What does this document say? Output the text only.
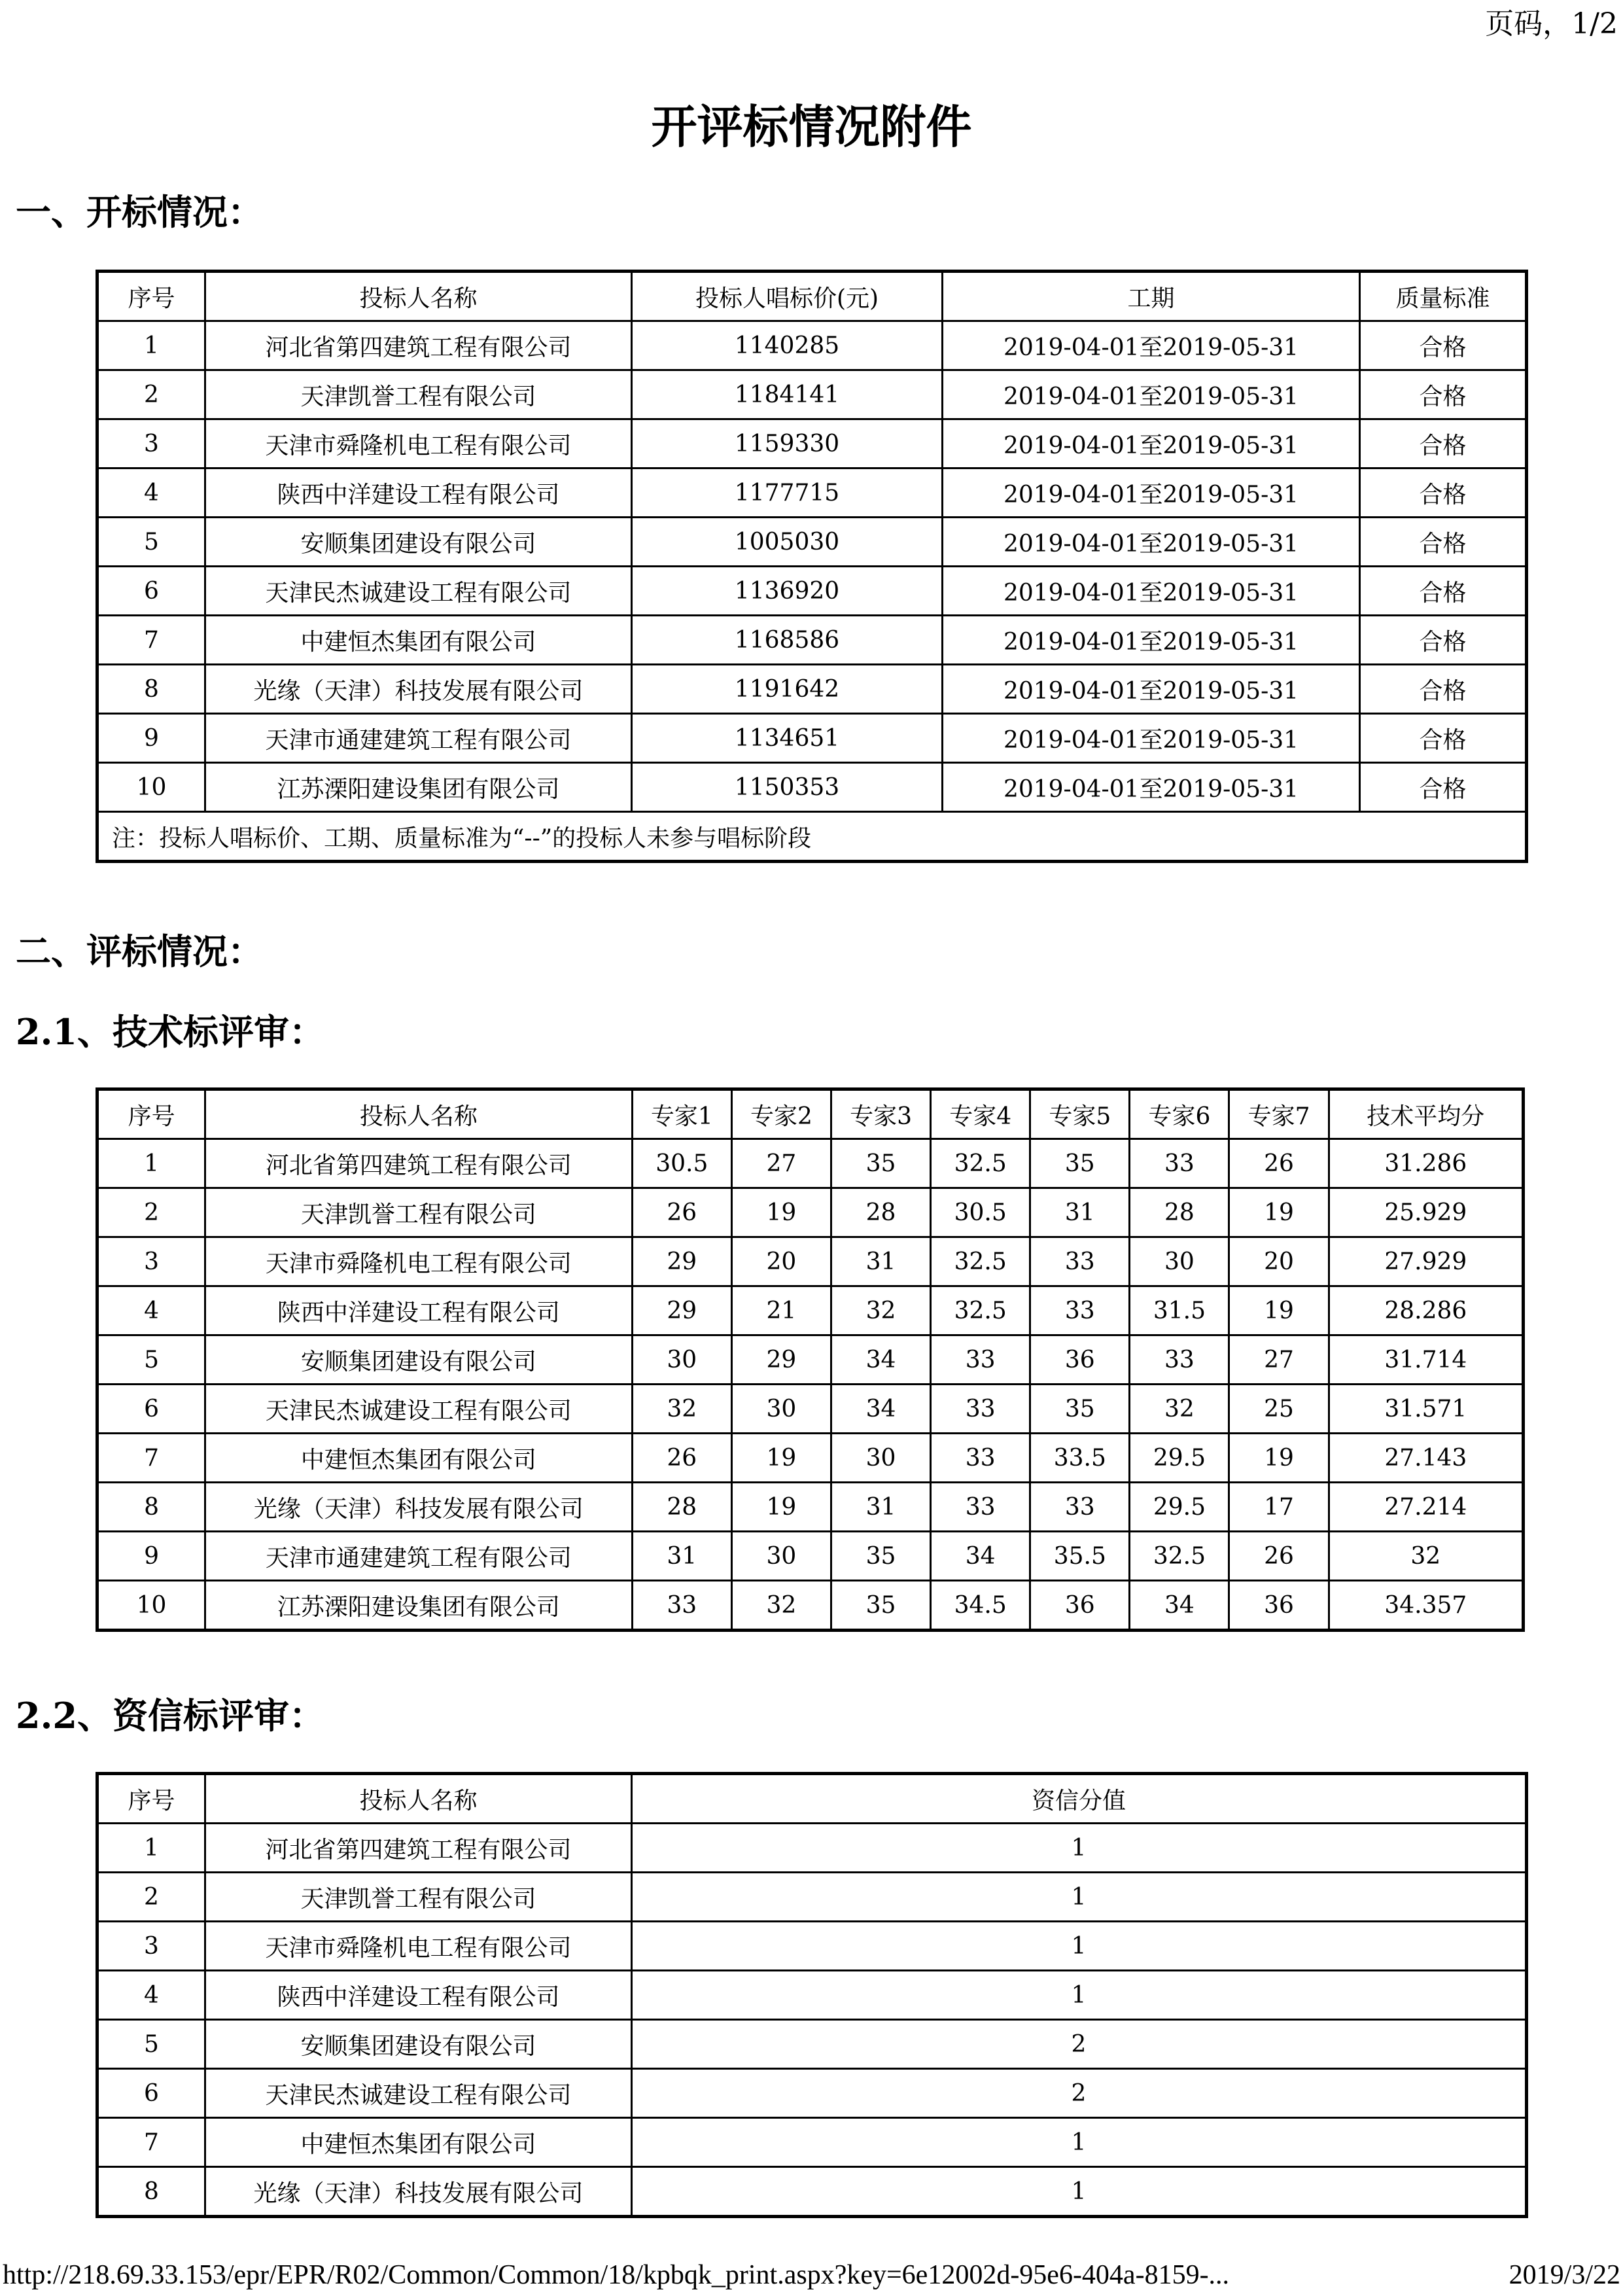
页码，1/2
开评标情况附件
一、开标情况：
序号	投标人名称	投标人唱标价(元)	工期	质量标准
1	河北省第四建筑工程有限公司	1140285	2019-04-01至2019-05-31	合格
2	天津凯誉工程有限公司	1184141	2019-04-01至2019-05-31	合格
3	天津市舜隆机电工程有限公司	1159330	2019-04-01至2019-05-31	合格
4	陕西中洋建设工程有限公司	1177715	2019-04-01至2019-05-31	合格
5	安顺集团建设有限公司	1005030	2019-04-01至2019-05-31	合格
6	天津民杰诚建设工程有限公司	1136920	2019-04-01至2019-05-31	合格
7	中建恒杰集团有限公司	1168586	2019-04-01至2019-05-31	合格
8	光缘（天津）科技发展有限公司	1191642	2019-04-01至2019-05-31	合格
9	天津市通建建筑工程有限公司	1134651	2019-04-01至2019-05-31	合格
10	江苏溧阳建设集团有限公司	1150353	2019-04-01至2019-05-31	合格
注：投标人唱标价、工期、质量标准为“--”的投标人未参与唱标阶段				
二、评标情况：
2.1、技术标评审：
序号	投标人名称	专家1	专家2	专家3	专家4	专家5	专家6	专家7	技术平均分
1	河北省第四建筑工程有限公司	30.5	27	35	32.5	35	33	26	31.286
2	天津凯誉工程有限公司	26	19	28	30.5	31	28	19	25.929
3	天津市舜隆机电工程有限公司	29	20	31	32.5	33	30	20	27.929
4	陕西中洋建设工程有限公司	29	21	32	32.5	33	31.5	19	28.286
5	安顺集团建设有限公司	30	29	34	33	36	33	27	31.714
6	天津民杰诚建设工程有限公司	32	30	34	33	35	32	25	31.571
7	中建恒杰集团有限公司	26	19	30	33	33.5	29.5	19	27.143
8	光缘（天津）科技发展有限公司	28	19	31	33	33	29.5	17	27.214
9	天津市通建建筑工程有限公司	31	30	35	34	35.5	32.5	26	32
10	江苏溧阳建设集团有限公司	33	32	35	34.5	36	34	36	34.357
2.2、资信标评审：
序号	投标人名称	资信分值
1	河北省第四建筑工程有限公司	1
2	天津凯誉工程有限公司	1
3	天津市舜隆机电工程有限公司	1
4	陕西中洋建设工程有限公司	1
5	安顺集团建设有限公司	2
6	天津民杰诚建设工程有限公司	2
7	中建恒杰集团有限公司	1
8	光缘（天津）科技发展有限公司	1
http://218.69.33.153/epr/EPR/R02/Common/Common/18/kpbqk_print.aspx?key=6e12002d-95e6-404a-8159-...	2019/3/22
